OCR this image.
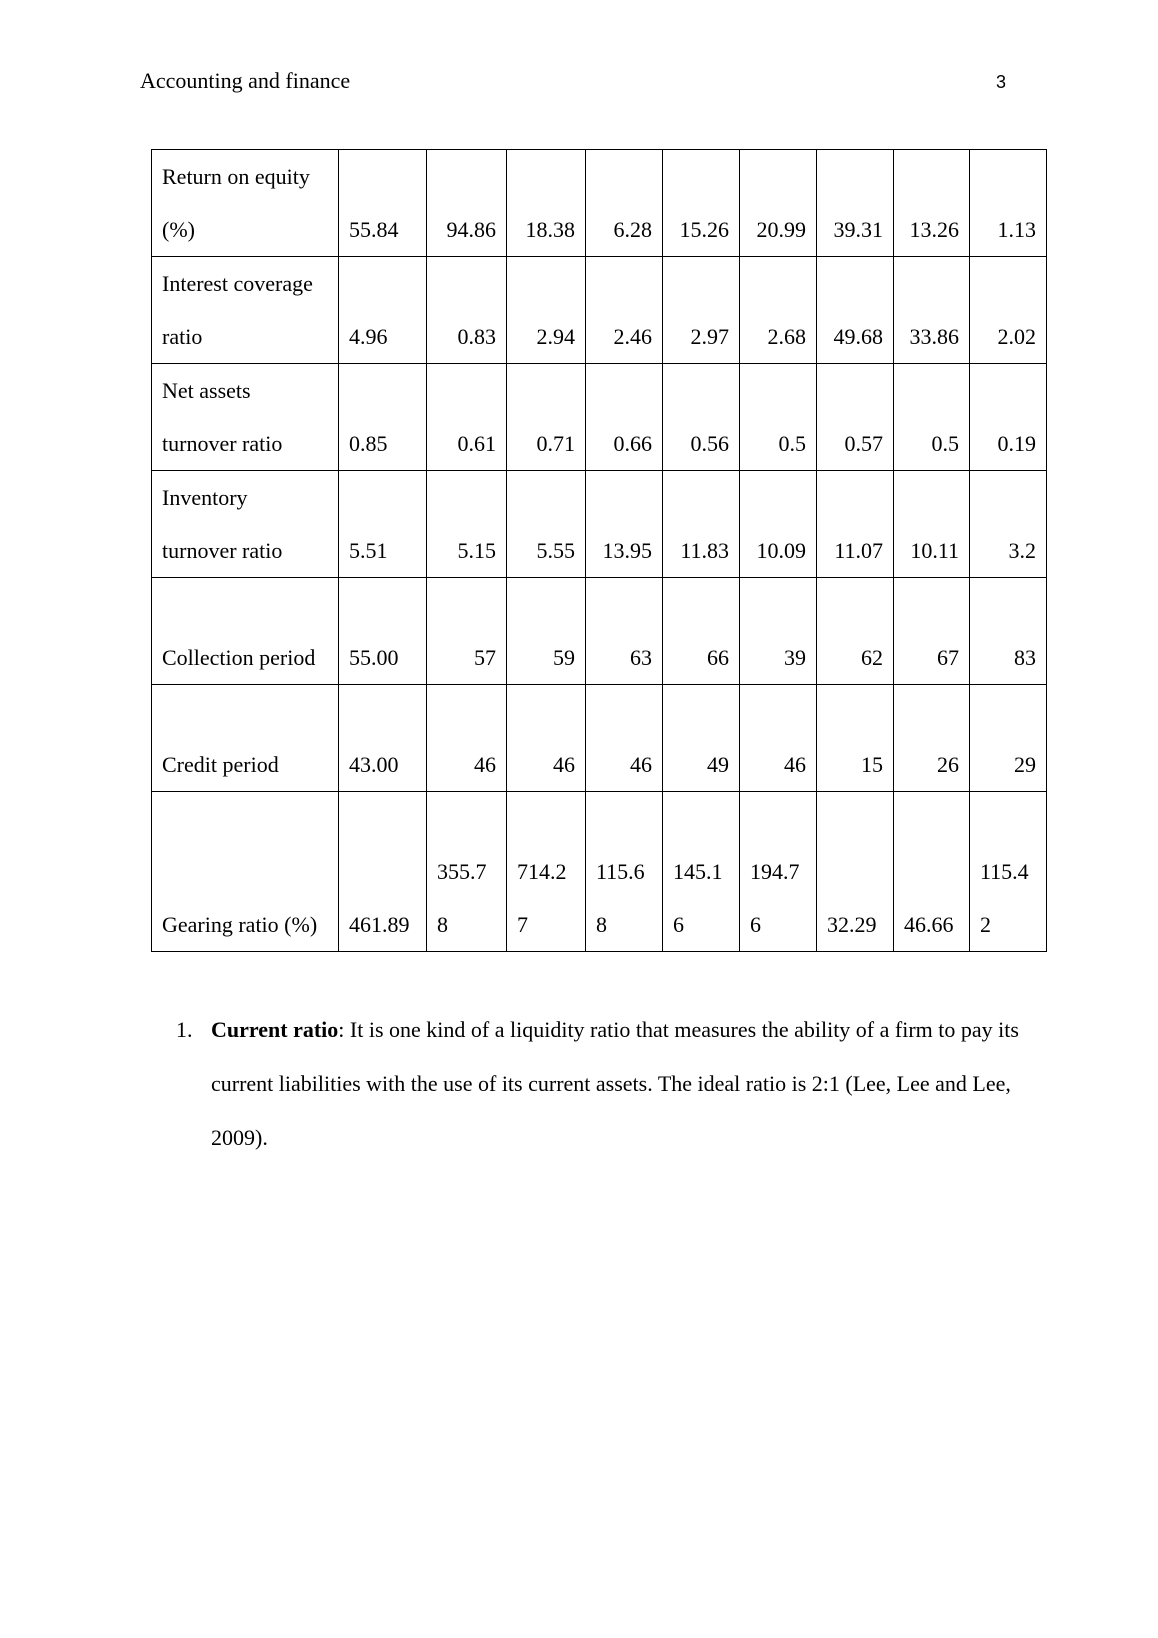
Accounting and finance	3
Return on equity
(%)	55.84	94.86	18.38	6.28	15.26	20.99	39.31	13.26	1.13
Interest coverage
ratio	4.96	0.83	2.94	2.46	2.97	2.68	49.68	33.86	2.02
Net assets
turnover ratio	0.85	0.61	0.71	0.66	0.56	0.5	0.57	0.5	0.19
Inventory
turnover ratio	5.51	5.15	5.55	13.95	11.83	10.09	11.07	10.11	3.2

Collection period	55.00	57	59	63	66	39	62	67	83

Credit period	43.00	46	46	46	49	46	15	26	29

Gearing ratio (%)	461.89	355.78	714.27	115.68	145.16	194.76	32.29	46.66	115.42
1. Current ratio: It is one kind of a liquidity ratio that measures the ability of a firm to pay its current liabilities with the use of its current assets. The ideal ratio is 2:1 (Lee, Lee and Lee, 2009).
